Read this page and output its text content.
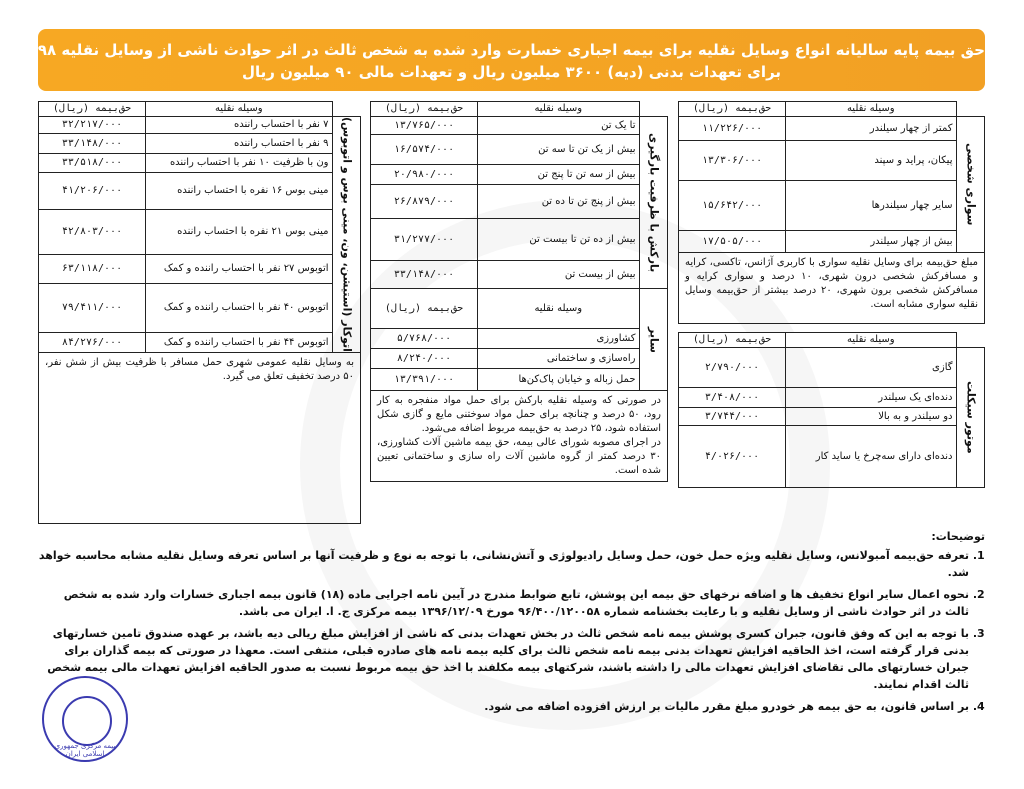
حق بیمه پایه سالیانه انواع وسایل نقلیه برای بیمه اجباری خسارت وارد شده به شخص ثالث در اثر حوادث ناشی از وسایل نقلیه ۱۳۹۸
برای تعهدات بدنی (دیه) ۳۶۰۰ میلیون ریال و تعهدات مالی ۹۰ میلیون ریال
	وسیله نقلیه	حق‌بیمه (ریال)
سواری شخصی	کمتر از چهار سیلندر	۱۱/۲۲۶/۰۰۰
	پیکان، پراید و سپند	۱۳/۳۰۶/۰۰۰
	سایر چهار سیلندرها	۱۵/۶۴۲/۰۰۰
	بیش از چهار سیلندر	۱۷/۵۰۵/۰۰۰
مبلغ حق‌بیمه برای وسایل نقلیه سواری با کاربری آژانس، تاکسی، کرایه و مسافرکش شخصی درون شهری، ۱۰ درصد و سواری کرایه و مسافرکش شخصی برون شهری، ۲۰ درصد بیشتر از حق‌بیمه وسایل نقلیه سواری مشابه است.
	وسیله نقلیه	حق‌بیمه (ریال)
موتور سیکلت	گازی	۲/۷۹۰/۰۰۰
	دنده‌ای یک سیلندر	۳/۴۰۸/۰۰۰
	دو سیلندر و به بالا	۳/۷۴۴/۰۰۰
	دنده‌ای دارای سه‌چرخ یا ساید کار	۴/۰۲۶/۰۰۰
	وسیله نقلیه	حق‌بیمه (ریال)
بارکش با ظرفیت بارگیری	تا یک تن	۱۳/۷۶۵/۰۰۰
	بیش از یک تن تا سه تن	۱۶/۵۷۴/۰۰۰
	بیش از سه تن تا پنج تن	۲۰/۹۸۰/۰۰۰
	بیش از پنج تن تا ده تن	۲۶/۸۷۹/۰۰۰
	بیش از ده تن تا بیست تن	۳۱/۲۷۷/۰۰۰
	بیش از بیست تن	۳۳/۱۴۸/۰۰۰
سایر	وسیله نقلیه	حق‌بیمه (ریال)
	کشاورزی	۵/۷۶۸/۰۰۰
	راه‌سازی و ساختمانی	۸/۲۴۰/۰۰۰
	حمل زباله و خیابان پاک‌کن‌ها	۱۳/۳۹۱/۰۰۰
در صورتی که وسیله نقلیه بارکش برای حمل مواد منفجره به کار رود، ۵۰ درصد و چنانچه برای حمل مواد سوختنی مایع و گازی شکل استفاده شود، ۲۵ درصد به حق‌بیمه مربوط اضافه می‌شود.
در اجرای مصوبه شورای عالی بیمه، حق بیمه ماشین آلات کشاورزی، ۳۰ درصد کمتر از گروه ماشین آلات راه سازی و ساختمانی تعیین شده است.
	وسیله نقلیه	حق‌بیمه (ریال)
اتوکار (استیشن، ون، مینی بوس و اتوبوس)	۷ نفر با احتساب راننده	۳۲/۲۱۷/۰۰۰
	۹ نفر با احتساب راننده	۳۳/۱۴۸/۰۰۰
	ون با ظرفیت ۱۰ نفر با احتساب راننده	۳۳/۵۱۸/۰۰۰
	مینی بوس ۱۶ نفره با احتساب راننده	۴۱/۲۰۶/۰۰۰
	مینی بوس ۲۱ نفره با احتساب راننده	۴۲/۸۰۳/۰۰۰
	اتوبوس ۲۷ نفر با احتساب راننده و کمک	۶۳/۱۱۸/۰۰۰
	اتوبوس ۴۰ نفر با احتساب راننده و کمک	۷۹/۴۱۱/۰۰۰
	اتوبوس ۴۴ نفر با احتساب راننده و کمک	۸۴/۲۷۶/۰۰۰
به وسایل نقلیه عمومی شهری حمل مسافر با ظرفیت بیش از شش نفر، ۵۰ درصد تخفیف تعلق می گیرد.
توضیحات:
1. تعرفه حق‌بیمه آمبولانس، وسایل نقلیه ویژه حمل خون، حمل وسایل رادیولوژی و آتش‌نشانی، با توجه به نوع و ظرفیت آنها بر اساس تعرفه وسایل نقلیه مشابه محاسبه خواهد شد.
2. نحوه اعمال سایر انواع تخفیف ها و اضافه نرخهای حق بیمه این پوشش، تابع ضوابط مندرج در آیین نامه اجرایی ماده (۱۸) قانون بیمه اجباری خسارات وارد شده به شخص ثالث در اثر حوادث ناشی از وسایل نقلیه و با رعایت بخشنامه شماره ۹۶/۴۰۰/۱۲۰۰۵۸ مورخ ۱۳۹۶/۱۲/۰۹ بیمه مرکزی ج. ا. ایران می باشد.
3. با توجه به این که وفق قانون، جبران کسری پوشش بیمه نامه شخص ثالث در بخش تعهدات بدنی که ناشی از افزایش مبلغ ریالی دیه باشد، بر عهده صندوق تامین خسارتهای بدنی قرار گرفته است، اخذ الحاقیه افزایش تعهدات بدنی بیمه نامه شخص ثالث برای کلیه بیمه نامه های صادره قبلی، منتفی است. معهذا در صورتی که بیمه گذاران برای جبران خسارتهای مالی تقاضای افزایش تعهدات مالی را داشته باشند، شرکتهای بیمه مکلفند با اخذ حق بیمه مربوط نسبت به صدور الحاقیه افزایش تعهدات مالی بیمه شخص ثالث اقدام نمایند.
4. بر اساس قانون، به حق بیمه هر خودرو مبلغ مقرر مالیات بر ارزش افزوده اضافه می شود.
بیمه مرکزی جمهوری اسلامی ایران
